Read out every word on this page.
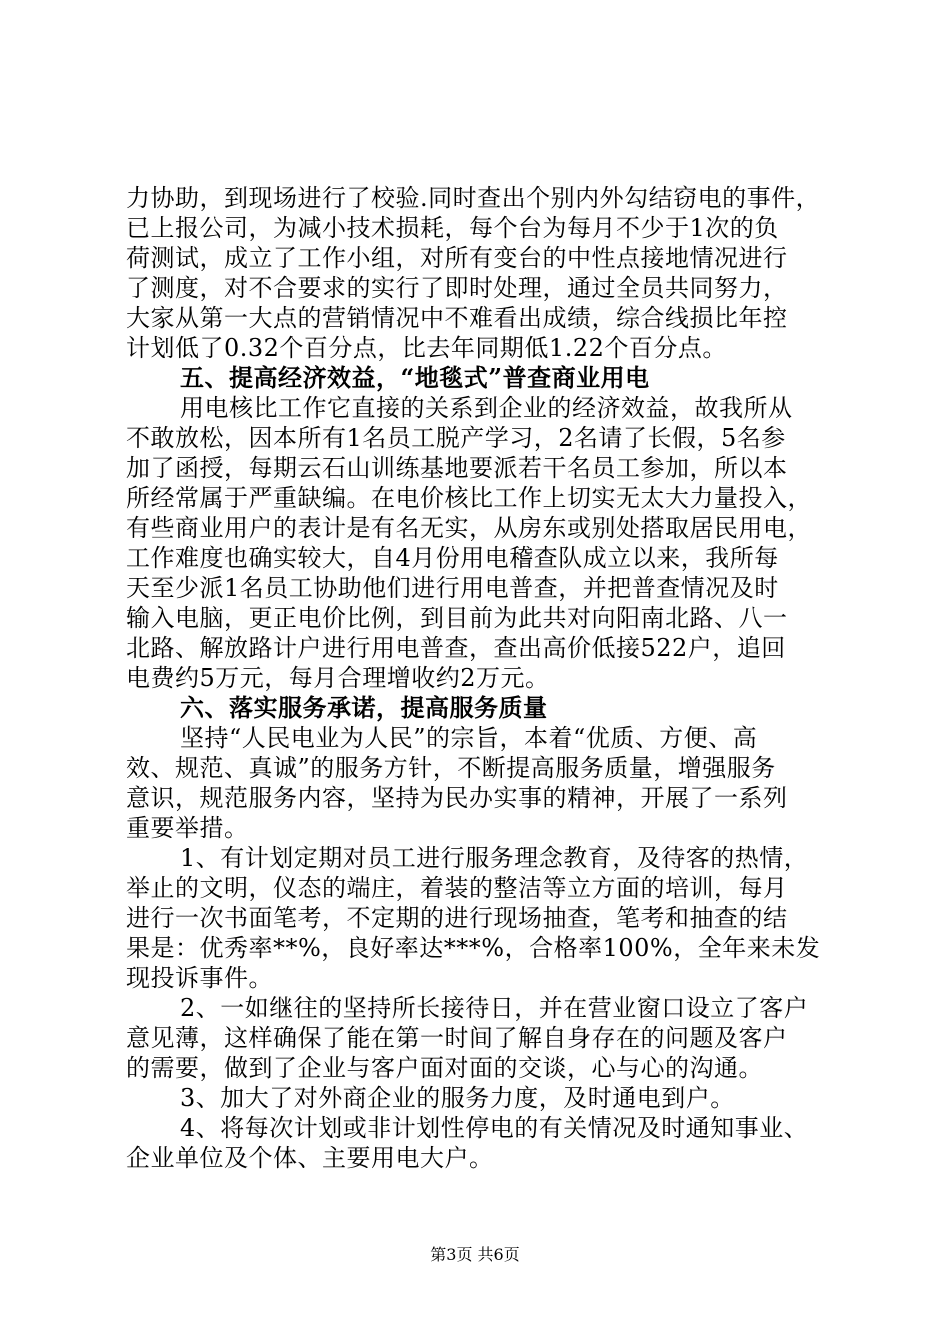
力协助，到现场进行了校验.同时查出个别内外勾结窃电的事件，
已上报公司，为减小技术损耗，每个台为每月不少于1次的负
荷测试，成立了工作小组，对所有变台的中性点接地情况进行
了测度，对不合要求的实行了即时处理，通过全员共同努力，
大家从第一大点的营销情况中不难看出成绩，综合线损比年控
计划低了0.32个百分点，比去年同期低1.22个百分点。
五、提高经济效益，“地毯式”普查商业用电
用电核比工作它直接的关系到企业的经济效益，故我所从
不敢放松，因本所有1名员工脱产学习，2名请了长假，5名参
加了函授，每期云石山训练基地要派若干名员工参加，所以本
所经常属于严重缺编。在电价核比工作上切实无太大力量投入，
有些商业用户的表计是有名无实，从房东或别处搭取居民用电，
工作难度也确实较大，自4月份用电稽查队成立以来，我所每
天至少派1名员工协助他们进行用电普查，并把普查情况及时
输入电脑，更正电价比例，到目前为此共对向阳南北路、八一
北路、解放路计户进行用电普查，查出高价低接522户，追回
电费约5万元，每月合理增收约2万元。
六、落实服务承诺，提高服务质量
坚持“人民电业为人民”的宗旨，本着“优质、方便、高
效、规范、真诚”的服务方针，不断提高服务质量，增强服务
意识，规范服务内容，坚持为民办实事的精神，开展了一系列
重要举措。
1、有计划定期对员工进行服务理念教育，及待客的热情，
举止的文明，仪态的端庄，着装的整洁等立方面的培训，每月
进行一次书面笔考，不定期的进行现场抽查，笔考和抽查的结
果是：优秀率**%，良好率达***%，合格率100%，全年来未发
现投诉事件。
2、一如继往的坚持所长接待日，并在营业窗口设立了客户
意见薄，这样确保了能在第一时间了解自身存在的问题及客户
的需要，做到了企业与客户面对面的交谈，心与心的沟通。
3、加大了对外商企业的服务力度，及时通电到户。
4、将每次计划或非计划性停电的有关情况及时通知事业、
企业单位及个体、主要用电大户。
第3页 共6页
